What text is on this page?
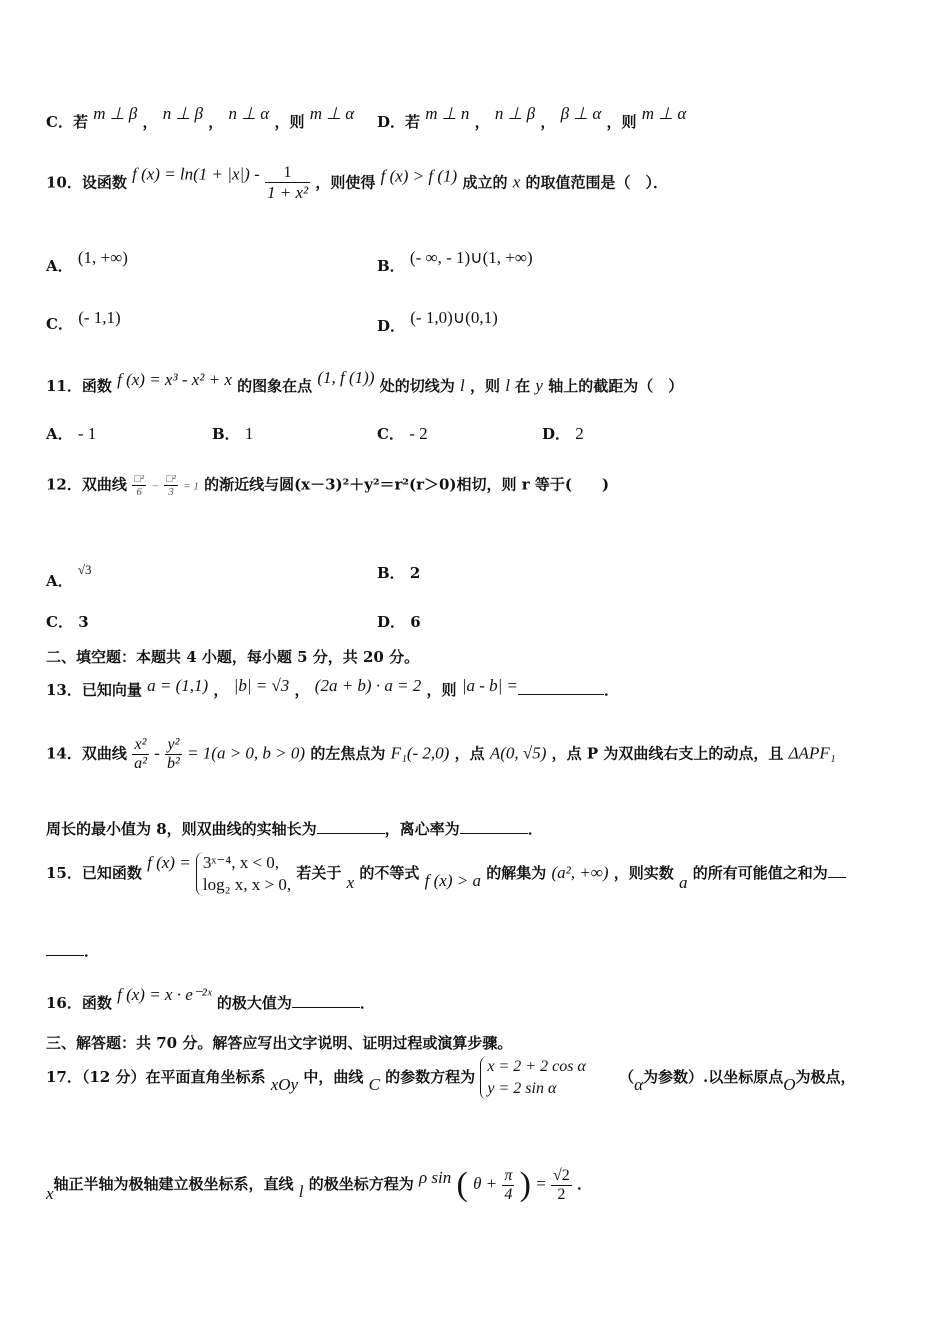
C．若 m ⊥ β ， n ⊥ β ， n ⊥ α ，则 m ⊥ α D．若 m ⊥ n ， n ⊥ β ， β ⊥ α ，则 m ⊥ α
10．设函数 f $(x) = \ln(1 + |x|) - \frac{1}{\text{1 + x²}}$ ，则使得 f (x) > f (1) 成立的 x 的取值范围是（　）．
A． (1, +∞)	B． (- ∞, - 1)∪(1, +∞)
C． (- 1,1)	D． (- 1,0)∪(0,1)
11．函数 f (x) = x³ - x² + x 的图象在点 (1, f (1)) 处的切线为 l ，则 l 在 y 轴上的截距为（　）
A． - 1	B． 1	C． - 2	D． 2
12．双曲线 $\frac{\text{□²}}{6} - \frac{\text{□²}}{3} = 1$ 的渐近线与圆(x－3)²＋y²＝r²(r＞0)相切，则 r 等于(　　)
A． √3	B． 2
C． 3	D． 6
二、填空题：本题共 4 小题，每小题 5 分，共 20 分。
13．已知向量 a = (1,1) ， |b| = √3 ， (2a + b) · a = 2 ，则 |a - b| =	．
14．双曲线 $\frac{\text{x²}}{\text{a²}} - \frac{\text{y²}}{\text{b²}} = 1(a > 0$, b > 0) 的左焦点为 F₁(- 2,0) ，点 A(0, √5) ，点 P 为双曲线右支上的动点，且 ΔAPF₁
周长的最小值为 8，则双曲线的实轴长为	，离心率为	．
15．已知函数 f (x) = 3ˣ⁻⁴, x < 0,
log₂ x, x > 0,
若关于 x 的不等式 f (x) > a 的解集为 (a², +∞) ，则实数 a 的所有可能值之和为
．
16．函数 f (x) = x · e⁻²ˣ 的极大值为	．
三、解答题：共 70 分。解答应写出文字说明、证明过程或演算步骤。
17．（12 分）在平面直角坐标系 xOy 中，曲线 C 的参数方程为
x = 2 + 2 cos α
y = 2 sin α
（α为参数）.以坐标原点O为极点，
x轴正半轴为极轴建立极坐标系，直线 l 的极坐标方程为 ρ sin ( $\theta + \frac{\pi}{4}$ ) = $\frac{√2}{2}$ ．
